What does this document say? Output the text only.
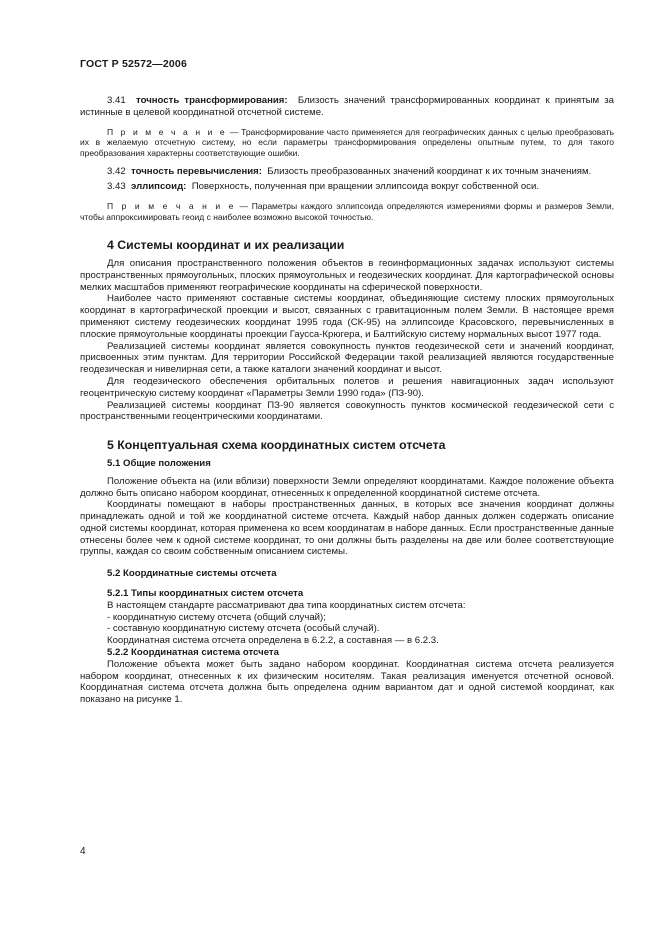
ГОСТ Р 52572—2006

3.41 точность трансформирования: Близость значений трансформированных координат к принятым за истинные в целевой координатной отсчетной системе.

П р и м е ч а н и е — Трансформирование часто применяется для географических данных с целью преобразовать их в желаемую отсчетную систему, но если параметры трансформирования определены опытным путем, то для такого преобразования характерны соответствующие ошибки.

3.42 точность перевычисления: Близость преобразованных значений координат к их точным значениям.

3.43 эллипсоид: Поверхность, полученная при вращении эллипсоида вокруг собственной оси.

П р и м е ч а н и е — Параметры каждого эллипсоида определяются измерениями формы и размеров Земли, чтобы аппроксимировать геоид с наиболее возможно высокой точностью.

4 Системы координат и их реализации

Для описания пространственного положения объектов в геоинформационных задачах используют системы пространственных прямоугольных, плоских прямоугольных и геодезических координат. Для картографической основы мелких масштабов применяют географические координаты на сферической поверхности.

Наиболее часто применяют составные системы координат, объединяющие систему плоских прямоугольных координат в картографической проекции и высот, связанных с гравитационным полем Земли. В настоящее время применяют систему геодезических координат 1995 года (СК-95) на эллипсоиде Красовского, перевычисленных в плоские прямоугольные координаты проекции Гаусса-Крюгера, и Балтийскую систему нормальных высот 1977 года.

Реализацией системы координат является совокупность пунктов геодезической сети и значений координат, присвоенных этим пунктам. Для территории Российской Федерации такой реализацией являются государственные геодезическая и нивелирная сети, а также каталоги значений координат и высот.

Для геодезического обеспечения орбитальных полетов и решения навигационных задач используют геоцентрическую систему координат «Параметры Земли 1990 года» (ПЗ-90).

Реализацией системы координат ПЗ-90 является совокупность пунктов космической геодезической сети с пространственными геоцентрическими координатами.

5 Концептуальная схема координатных систем отсчета
5.1 Общие положения

Положение объекта на (или вблизи) поверхности Земли определяют координатами. Каждое положение объекта должно быть описано набором координат, отнесенных к определенной координатной системе отсчета.

Координаты помещают в наборы пространственных данных, в которых все значения координат должны принадлежать одной и той же координатной системе отсчета. Каждый набор данных должен содержать описание одной системы координат, которая применена ко всем координатам в наборе данных. Если пространственные данные отнесены более чем к одной системе координат, то они должны быть разделены на две или более соответствующие группы, каждая со своим собственным описанием системы.

5.2 Координатные системы отсчета
5.2.1 Типы координатных систем отсчета

В настоящем стандарте рассматривают два типа координатных систем отсчета:

- координатную систему отсчета (общий случай);

- составную координатную систему отсчета (особый случай).

Координатная система отсчета определена в 6.2.2, а составная — в 6.2.3.

5.2.2 Координатная система отсчета

Положение объекта может быть задано набором координат. Координатная система отсчета реализуется набором координат, отнесенных к их физическим носителям. Такая реализация именуется отсчетной основой. Координатная система отсчета должна быть определена одним вариантом дат и одной системой координат, как показано на рисунке 1.

4
